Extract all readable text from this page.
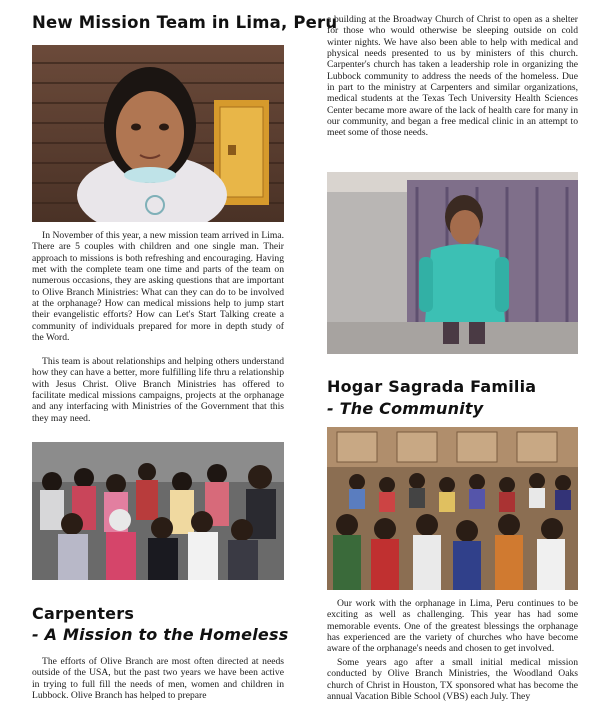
New Mission Team in Lima, Peru
In November of this year, a new mission team arrived in Lima. There are 5 couples with children and one single man. Their approach to missions is both refreshing and encouraging. Having met with the complete team one time and parts of the team on numerous occasions, they are asking questions that are important to Olive Branch Ministries: What can they can do to be involved at the orphanage? How can medical missions help to jump start their evangelistic efforts? How can Let's Start Talking create a community of individuals prepared for more in depth study of the Word.
This team is about relationships and helping others understand how they can have a better, more fulfilling life thru a relationship with Jesus Christ. Olive Branch Ministries has offered to facilitate medical missions campaigns, projects at the orphanage and any interfacing with Ministries of the Government that this they may need.
Carpenters
- A Mission to the Homeless
The efforts of Olive Branch are most often directed at needs outside of the USA, but the past two years we have been active in trying to full fill the needs of men, women and children in Lubbock. Olive Branch has helped to prepare
a building at the Broadway Church of Christ to open as a shelter for those who would otherwise be sleeping outside on cold winter nights. We have also been able to help with medical and physical needs presented to us by ministers of this church. Carpenter's church has taken a leadership role in organizing the Lubbock community to address the needs of the homeless. Due in part to the ministry at Carpenters and similar organizations, medical students at the Texas Tech University Health Sciences Center became more aware of the lack of health care for many in our community, and began a free medical clinic in an attempt to meet some of those needs.
Hogar Sagrada Familia
- The Community
Our work with the orphanage in Lima, Peru continues to be exciting as well as challenging. This year has had some memorable events. One of the greatest blessings the orphanage has experienced are the variety of churches who have become aware of the orphanage's needs and chosen to get involved.
Some years ago after a small initial medical mission conducted by Olive Branch Ministries, the Woodland Oaks church of Christ in Houston, TX sponsored what has become the annual Vacation Bible School (VBS) each July. They
